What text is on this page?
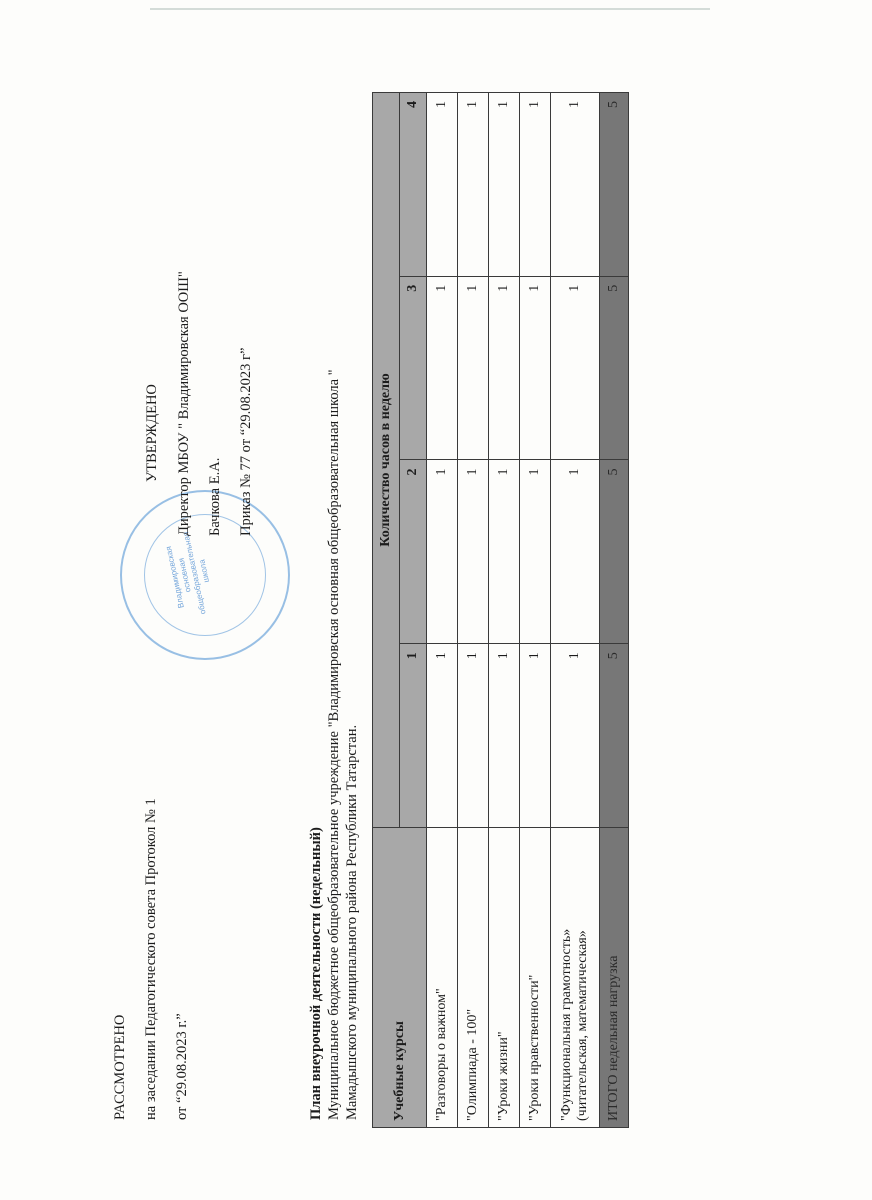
РАССМОТРЕНО на заседании Педагогического совета Протокол № 1 от “29.08.2023 г.”
Владимировская основная общеобразовательная школа
УТВЕРЖДЕНО Директор МБОУ " Владимировская ООШ" Бачкова Е.А. Приказ № 77 от “29.08.2023 г”
План внеурочной деятельности (недельный) Муниципальное бюджетное общеобразовательное учреждение "Владимировская основная общеобразовательная школа " Мамадышского муниципального района Республики Татарстан. Учебные курсы	Количество часов в неделю			
	1	2	3	4
"Разговоры о важном"	1	1	1	1
"Олимпиада - 100"	1	1	1	1
"Уроки жизни"	1	1	1	1
"Уроки нравственности"	1	1	1	1

"Функциональная грамотность» (читательская, математическая»	1	1	1	1
ИТОГО недельная нагрузка	5	5	5	5
